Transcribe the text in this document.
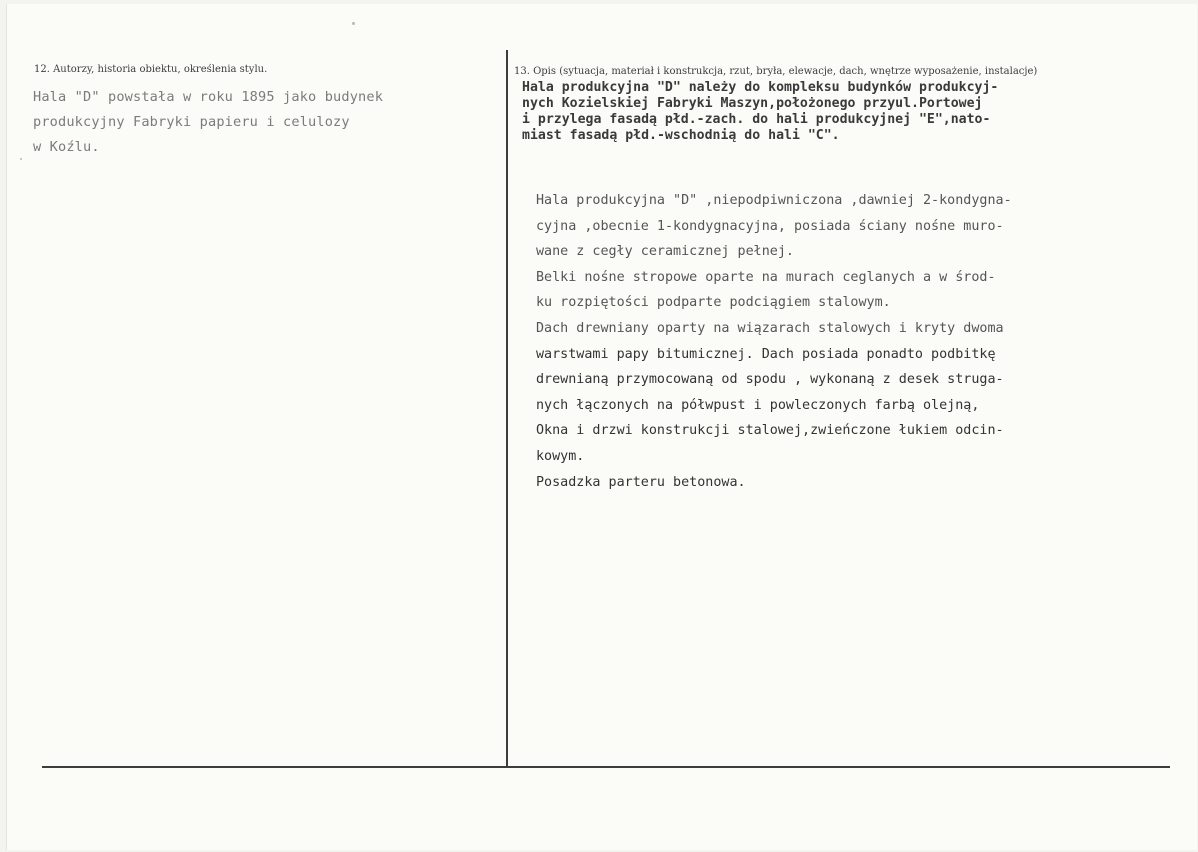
12. Autorzy, historia obiektu, określenia stylu.
Hala "D" powstała w roku 1895 jako budynek
produkcyjny Fabryki papieru i celulozy
w Koźlu.
13. Opis (sytuacja, materiał i konstrukcja, rzut, bryła, elewacje, dach, wnętrze wyposażenie, instalacje)
Hala produkcyjna "D" należy do kompleksu budynków produkcyj-
nych Kozielskiej Fabryki Maszyn,położonego przyul.Portowej
i przylega fasadą płd.-zach. do hali produkcyjnej "E",nato-
miast fasadą płd.-wschodnią do hali "C".
Hala produkcyjna "D" ,niepodpiwniczona ,dawniej 2-kondygna-
cyjna ,obecnie 1-kondygnacyjna, posiada ściany nośne muro-
wane z cegły ceramicznej pełnej.
Belki nośne stropowe oparte na murach ceglanych a w środ-
ku rozpiętości podparte podciągiem stalowym.
Dach drewniany oparty na wiązarach stalowych i kryty dwoma
warstwami papy bitumicznej. Dach posiada ponadto podbitkę
drewnianą przymocowaną od spodu , wykonaną z desek struga-
nych łączonych na półwpust i powleczonych farbą olejną,
Okna i drzwi konstrukcji stalowej,zwieńczone łukiem odcin-
kowym.
Posadzka parteru betonowa.
